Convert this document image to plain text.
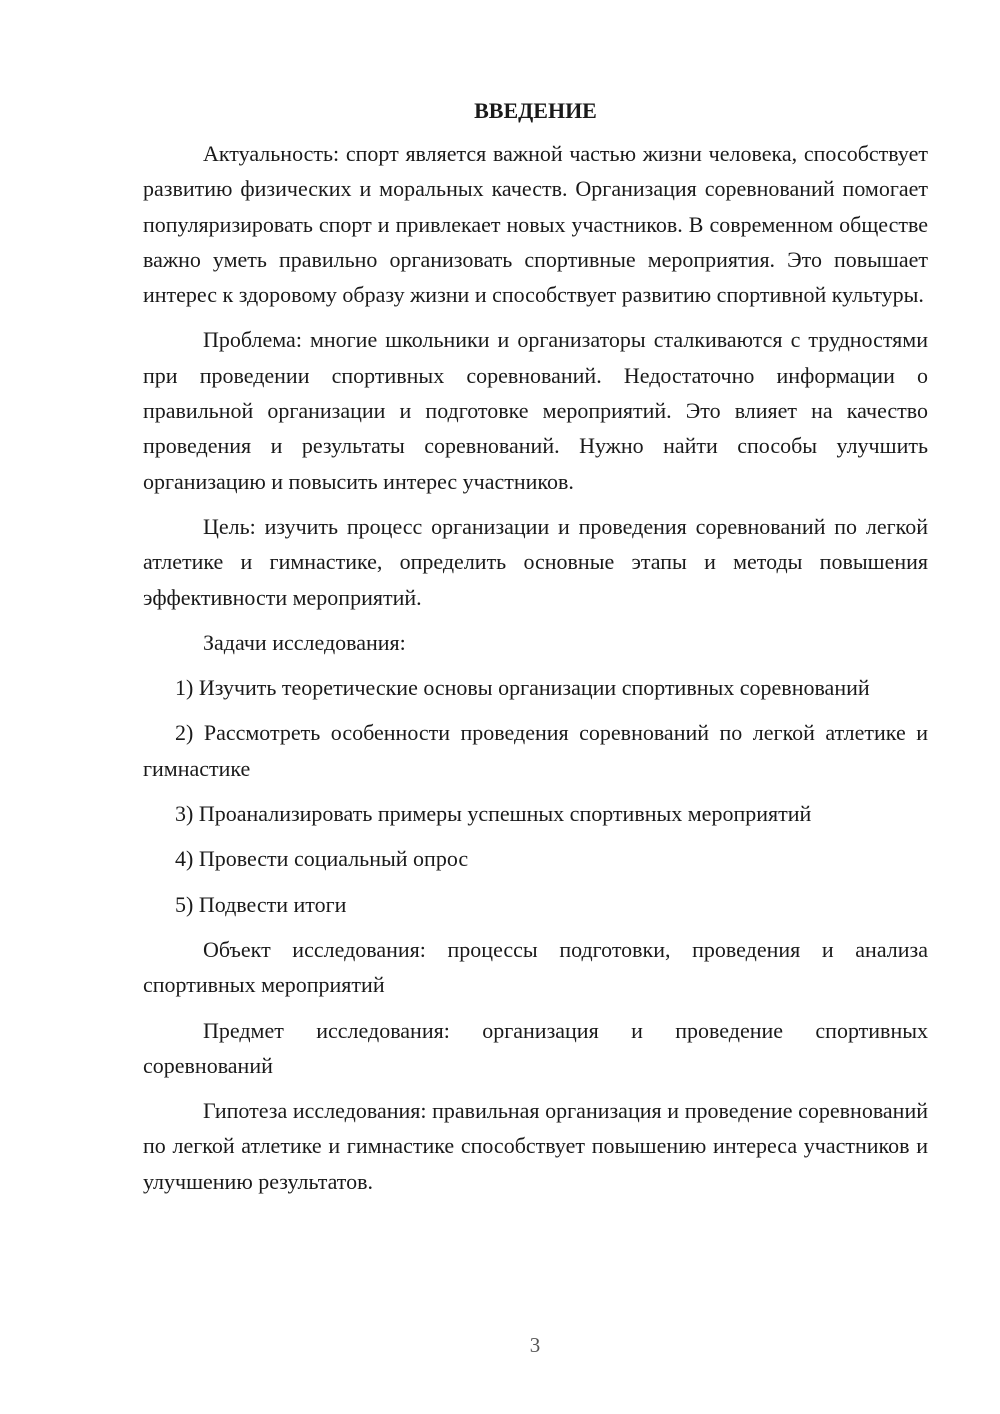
ВВЕДЕНИЕ

Актуальность: спорт является важной частью жизни человека, способствует развитию физических и моральных качеств. Организация соревнований помогает популяризировать спорт и привлекает новых участников. В современном обществе важно уметь правильно организовать спортивные мероприятия. Это повышает интерес к здоровому образу жизни и способствует развитию спортивной культуры.

Проблема: многие школьники и организаторы сталкиваются с трудностями при проведении спортивных соревнований. Недостаточно информации о правильной организации и подготовке мероприятий. Это влияет на качество проведения и результаты соревнований. Нужно найти способы улучшить организацию и повысить интерес участников.

Цель: изучить процесс организации и проведения соревнований по легкой атлетике и гимнастике, определить основные этапы и методы повышения эффективности мероприятий.

Задачи исследования:

1) Изучить теоретические основы организации спортивных соревнований

2) Рассмотреть особенности проведения соревнований по легкой атлетике и гимнастике

3) Проанализировать примеры успешных спортивных мероприятий

4) Провести социальный опрос

5) Подвести итоги

Объект исследования: процессы подготовки, проведения и анализа спортивных мероприятий

Предмет исследования: организация и проведение спортивных соревнований

Гипотеза исследования: правильная организация и проведение соревнований по легкой атлетике и гимнастике способствует повышению интереса участников и улучшению результатов.

3
